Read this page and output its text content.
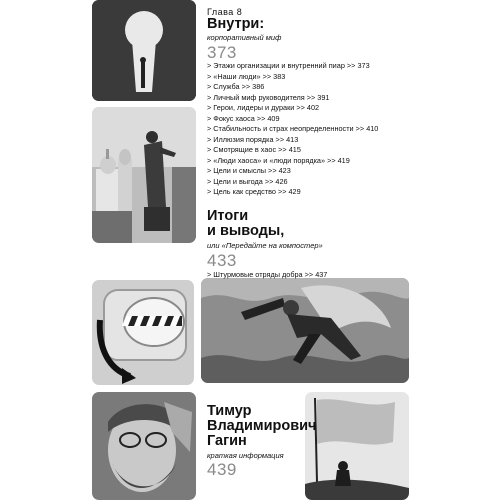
Глава 8
Внутри:
корпоративный миф
373
> Этажи организации и внутренний пиар >> 373
> «Наши люди» >> 383
> Служба >> 386
> Личный миф руководителя >> 391
> Герои, лидеры и дураки >> 402
> Фокус хаоса >> 409
> Стабильность и страх неопределенности >> 410
> Иллюзия порядка >> 413
> Смотрящие в хаос >> 415
> «Люди хаоса» и «люди порядка» >> 419
> Цели и смыслы >> 423
> Цели и выгода >> 426
> Цель как средство >> 429
Итоги
и выводы,
или «Передайте на компостер»
433
> Штурмовые отряды добра >> 437
Тимур
Владимирович
Гагин
краткая информация
439
